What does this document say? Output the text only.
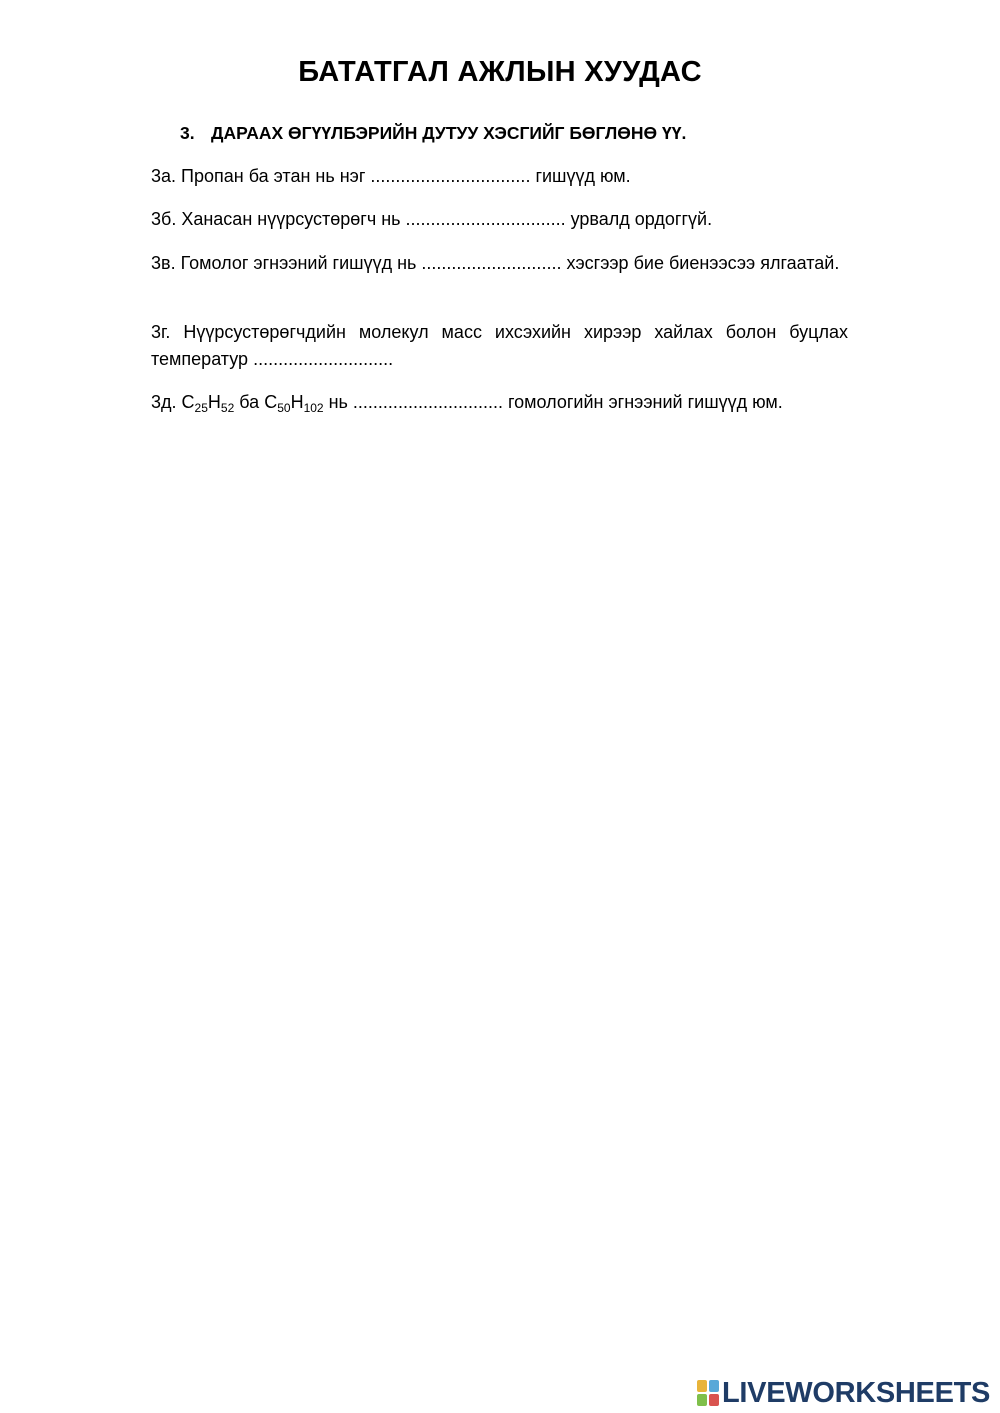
БАТАТГАЛ АЖЛЫН ХУУДАС
3. ДАРААХ ӨГҮҮЛБЭРИЙН ДУТУУ ХЭСГИЙГ БӨГЛӨНӨ ҮҮ.

3а. Пропан ба этан нь нэг ................................ гишүүд юм.

3б. Ханасан нүүрсустөрөгч нь ................................ урвалд ордоггүй.

3в. Гомолог эгнээний гишүүд нь ............................ хэсгээр бие биенээсээ ялгаатай.

3г. Нүүрсустөрөгчдийн молекул масс ихсэхийн хирээр хайлах болон буцлах температур ............................

3д. $C_{25}H_{52}$ ба $C_{50}H_{102}$ нь .............................. гомологийн эгнээний гишүүд юм.

LIVEWORKSHEETS
